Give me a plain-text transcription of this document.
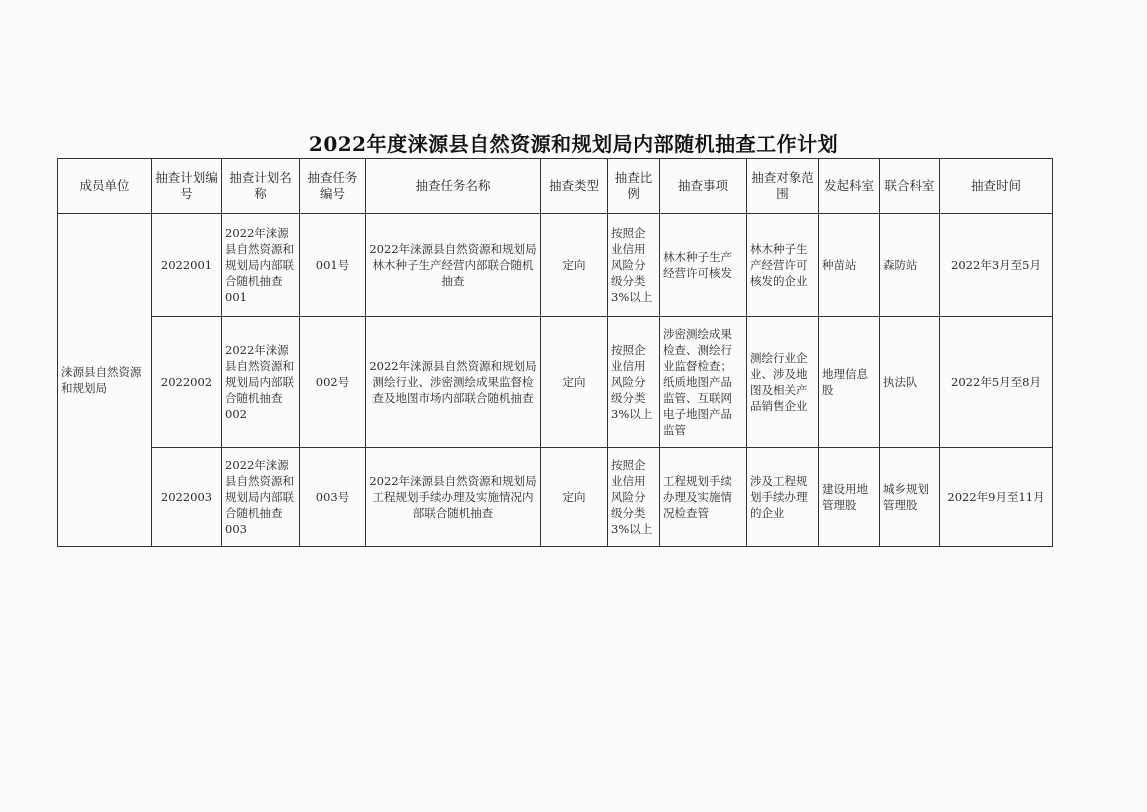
2022年度涞源县自然资源和规划局内部随机抽查工作计划
成员单位	抽查计划编号	抽查计划名称	抽查任务编号	抽查任务名称	抽查类型	抽查比例	抽查事项	抽查对象范围	发起科室	联合科室	抽查时间
涞源县自然资源和规划局	2022001	2022年涞源县自然资源和规划局内部联合随机抽查001	001号	2022年涞源县自然资源和规划局林木种子生产经营内部联合随机抽查	定向	按照企业信用风险分级分类3%以上	林木种子生产经营许可核发	林木种子生产经营许可核发的企业	种苗站	森防站	2022年3月至5月
	2022002	2022年涞源县自然资源和规划局内部联合随机抽查002	002号	2022年涞源县自然资源和规划局测绘行业、涉密测绘成果监督检查及地图市场内部联合随机抽查	定向	按照企业信用风险分级分类3%以上	涉密测绘成果检查、测绘行业监督检查；纸质地图产品监管、互联网电子地图产品监管	测绘行业企业、涉及地图及相关产品销售企业	地理信息股	执法队	2022年5月至8月
	2022003	2022年涞源县自然资源和规划局内部联合随机抽查003	003号	2022年涞源县自然资源和规划局工程规划手续办理及实施情况内部联合随机抽查	定向	按照企业信用风险分级分类3%以上	工程规划手续办理及实施情况检查管	涉及工程规划手续办理的企业	建设用地管理股	城乡规划管理股	2022年9月至11月
